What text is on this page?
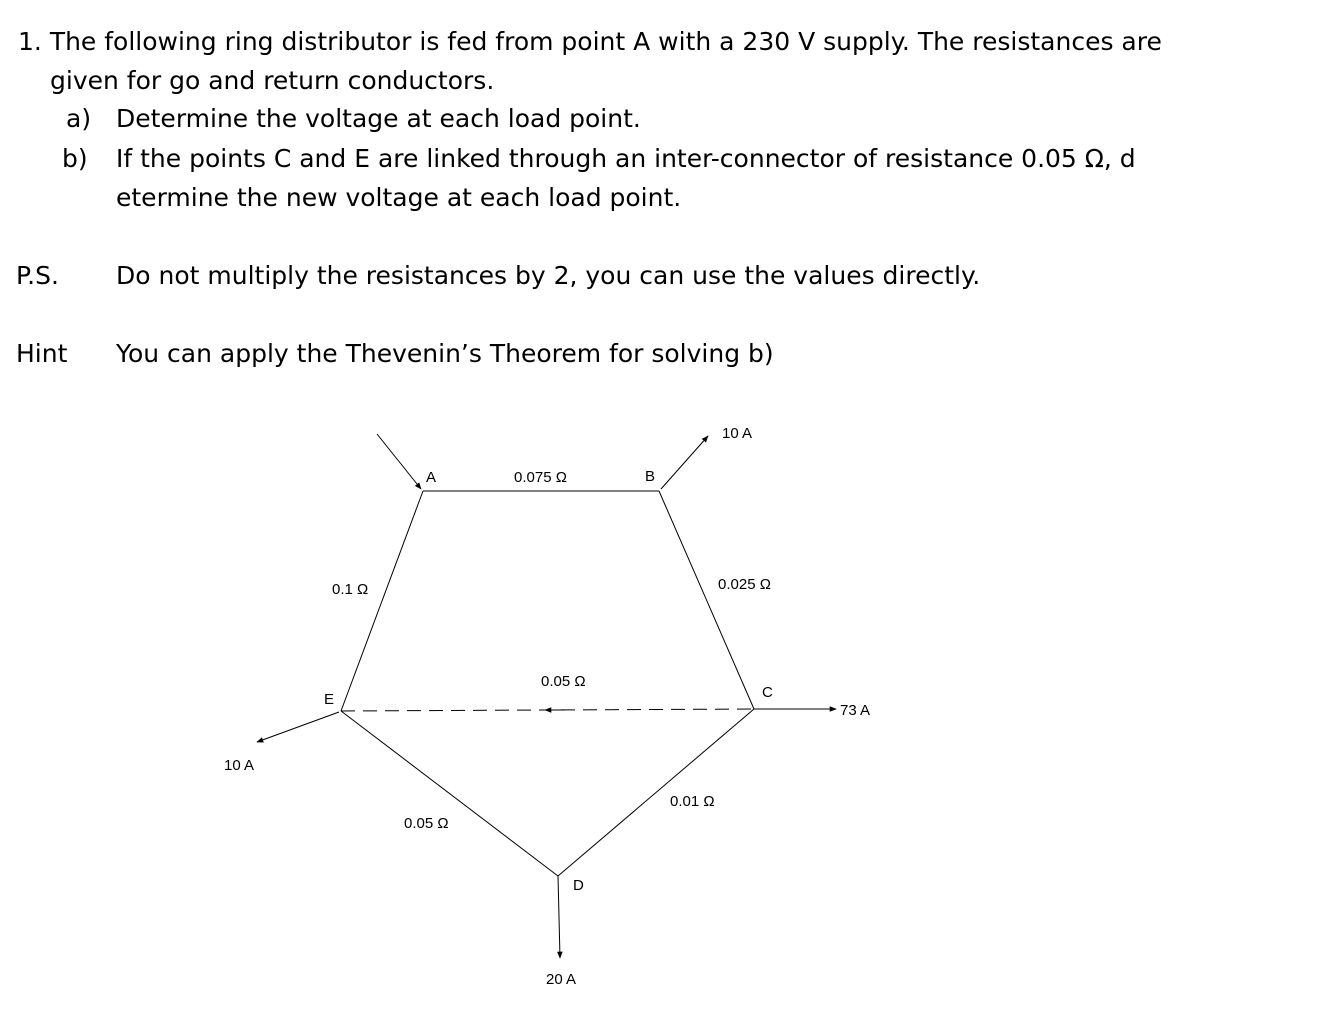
1. The following ring distributor is fed from point A with a 230 V supply. The resistances are
given for go and return conductors.
a) Determine the voltage at each load point.
b) If the points C and E are linked through an inter-connector of resistance 0.05 Ω, d
etermine the new voltage at each load point.
P.S. Do not multiply the resistances by 2, you can use the values directly.
Hint You can apply the Thevenin’s Theorem for solving b)
A	B
C
D
E
0.075 Ω
0.025 Ω
0.01 Ω
0.05 Ω
0.1 Ω
0.05 Ω
10 A
73 A
20 A
10 A
